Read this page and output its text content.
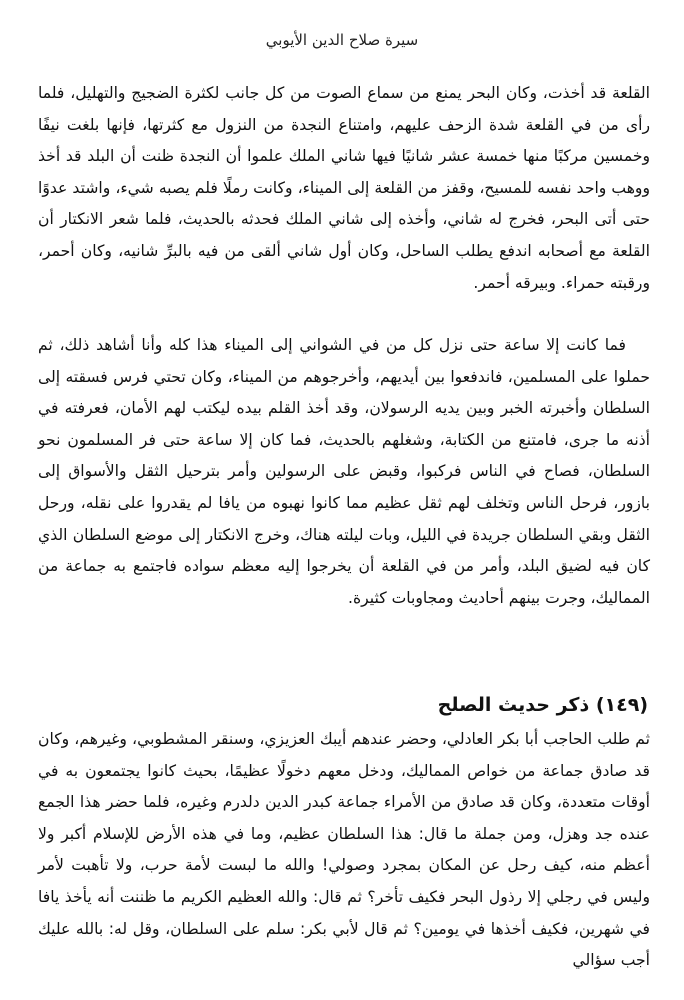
سيرة صلاح الدين الأيوبي

القلعة قد أخذت، وكان البحر يمنع من سماع الصوت من كل جانب لكثرة الضجيج والتهليل، فلما رأى من في القلعة شدة الزحف عليهم، وامتناع النجدة من النزول مع كثرتها، فإنها بلغت نيفًا وخمسين مركبًا منها خمسة عشر شانيًا فيها شاني الملك علموا أن النجدة ظنت أن البلد قد أخذ ووهب واحد نفسه للمسيح، وقفز من القلعة إلى الميناء، وكانت رملًا فلم يصبه شيء، واشتد عدوًا حتى أتى البحر، فخرج له شاني، وأخذه إلى شاني الملك فحدثه بالحديث، فلما شعر الانكتار أن القلعة مع أصحابه اندفع يطلب الساحل، وكان أول شاني ألقى من فيه بالبرِّ شانيه، وكان أحمر، ورقبته حمراء. وبيرقه أحمر.

فما كانت إلا ساعة حتى نزل كل من في الشواني إلى الميناء هذا كله وأنا أشاهد ذلك، ثم حملوا على المسلمين، فاندفعوا بين أيديهم، وأخرجوهم من الميناء، وكان تحتي فرس فسقته إلى السلطان وأخبرته الخبر وبين يديه الرسولان، وقد أخذ القلم بيده ليكتب لهم الأمان، فعرفته في أذنه ما جرى، فامتنع من الكتابة، وشغلهم بالحديث، فما كان إلا ساعة حتى فر المسلمون نحو السلطان، فصاح في الناس فركبوا، وقبض على الرسولين وأمر بترحيل الثقل والأسواق إلى بازور، فرحل الناس وتخلف لهم ثقل عظيم مما كانوا نهبوه من يافا لم يقدروا على نقله، ورحل الثقل وبقي السلطان جريدة في الليل، وبات ليلته هناك، وخرج الانكتار إلى موضع السلطان الذي كان فيه لضيق البلد، وأمر من في القلعة أن يخرجوا إليه معظم سواده فاجتمع به جماعة من المماليك، وجرت بينهم أحاديث ومجاوبات كثيرة.

(١٤٩) ذكر حديث الصلح

ثم طلب الحاجب أبا بكر العادلي، وحضر عندهم أيبك العزيزي، وسنقر المشطوبي، وغيرهم، وكان قد صادق جماعة من خواص المماليك، ودخل معهم دخولًا عظيمًا، بحيث كانوا يجتمعون به في أوقات متعددة، وكان قد صادق من الأمراء جماعة كبدر الدين دلدرم وغيره، فلما حضر هذا الجمع عنده جد وهزل، ومن جملة ما قال: هذا السلطان عظيم، وما في هذه الأرض للإسلام أكبر ولا أعظم منه، كيف رحل عن المكان بمجرد وصولي! والله ما لبست لأمة حرب، ولا تأهبت لأمر وليس في رجلي إلا رذول البحر فكيف تأخر؟ ثم قال: والله العظيم الكريم ما ظننت أنه يأخذ يافا في شهرين، فكيف أخذها في يومين؟ ثم قال لأبي بكر: سلم على السلطان، وقل له: بالله عليك أجب سؤالي
